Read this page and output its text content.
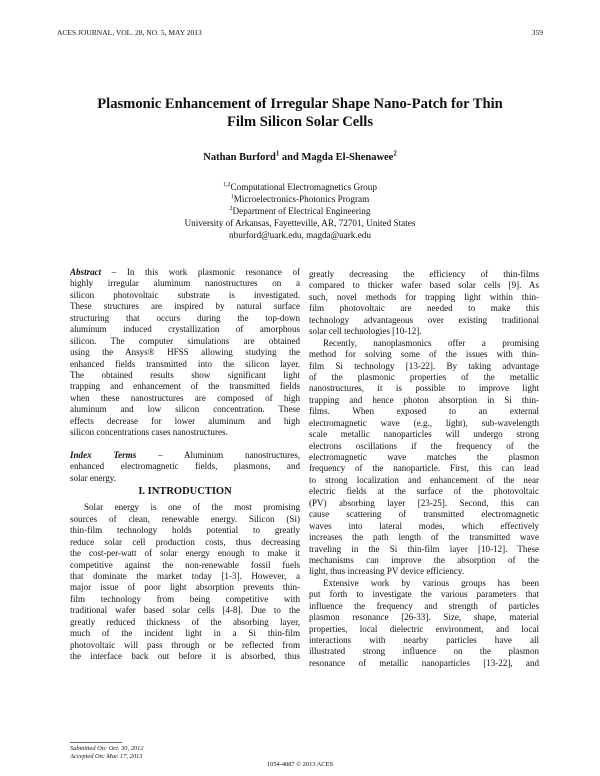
ACES JOURNAL, VOL. 28, NO. 5, MAY 2013	359
Plasmonic Enhancement of Irregular Shape Nano-Patch for Thin
Film Silicon Solar Cells
Nathan Burford$^1$ and Magda El-Shenawee$^2$
$^{1,2}$Computational Electromagnetics Group
$^1$Microelectronics-Photonics Program
$^2$Department of Electrical Engineering
University of Arkansas, Fayetteville, AR, 72701, United States
nburford@uark.edu, magda@uark.edu
Abstract – In this work plasmonic resonance of
highly irregular aluminum nanostructures on a
silicon photovoltaic substrate is investigated.
These structures are inspired by natural surface
structuring that occurs during the top-down
aluminum induced crystallization of amorphous
silicon. The computer simulations are obtained
using the Ansys® HFSS allowing studying the
enhanced fields transmitted into the silicon layer.
The obtained results show significant light
trapping and enhancement of the transmitted fields
when these nanostructures are composed of high
aluminum and low silicon concentration. These
effects decrease for lower aluminum and high
silicon concentrations cases nanostructures.
Index Terms – Aluminum nanostructures,
enhanced electromagnetic fields, plasmons, and
solar energy.
I. INTRODUCTION
Solar energy is one of the most promising
sources of clean, renewable energy. Silicon (Si)
thin-film technology holds potential to greatly
reduce solar cell production costs, thus decreasing
the cost-per-watt of solar energy enough to make it
competitive against the non-renewable fossil fuels
that dominate the market today [1-3]. However, a
major issue of poor light absorption prevents thin-
film technology from being competitive with
traditional wafer based solar cells [4-8]. Due to the
greatly reduced thickness of the absorbing layer,
much of the incident light in a Si thin-film
photovoltaic will pass through or be reflected from
the interface back out before it is absorbed, thus
greatly decreasing the efficiency of thin-films
compared to thicker wafer based solar cells [9]. As
such, novel methods for trapping light within thin-
film photovoltaic are needed to make this
technology advantageous over existing traditional
solar cell technologies [10-12].
Recently, nanoplasmonics offer a promising
method for solving some of the issues with thin-
film Si technology [13-22]. By taking advantage
of the plasmonic properties of the metallic
nanostructures, it is possible to improve light
trapping and hence photon absorption in Si thin-
films. When exposed to an external
electromagnetic wave (e.g., light), sub-wavelength
scale metallic nanoparticles will undergo strong
electrons oscillations if the frequency of the
electromagnetic wave matches the plasmon
frequency of the nanoparticle. First, this can lead
to strong localization and enhancement of the near
electric fields at the surface of the photovoltaic
(PV) absorbing layer [23-25]. Second, this can
cause scattering of transmitted electromagnetic
waves into lateral modes, which effectively
increases the path length of the transmitted wave
traveling in the Si thin-film layer [10-12]. These
mechanisms can improve the absorption of the
light, thus increasing PV device efficiency.
Extensive work by various groups has been
put forth to investigate the various parameters that
influence the frequency and strength of particles
plasmon resonance [26-33]. Size, shape, material
properties, local dielectric environment, and local
interactions with nearby particles have all
illustrated strong influence on the plasmon
resonance of metallic nanoparticles [13-22], and
Submitted On: Oct. 30, 2012
Accepted On: Mar. 17, 2013
1054-4887 © 2013 ACES
